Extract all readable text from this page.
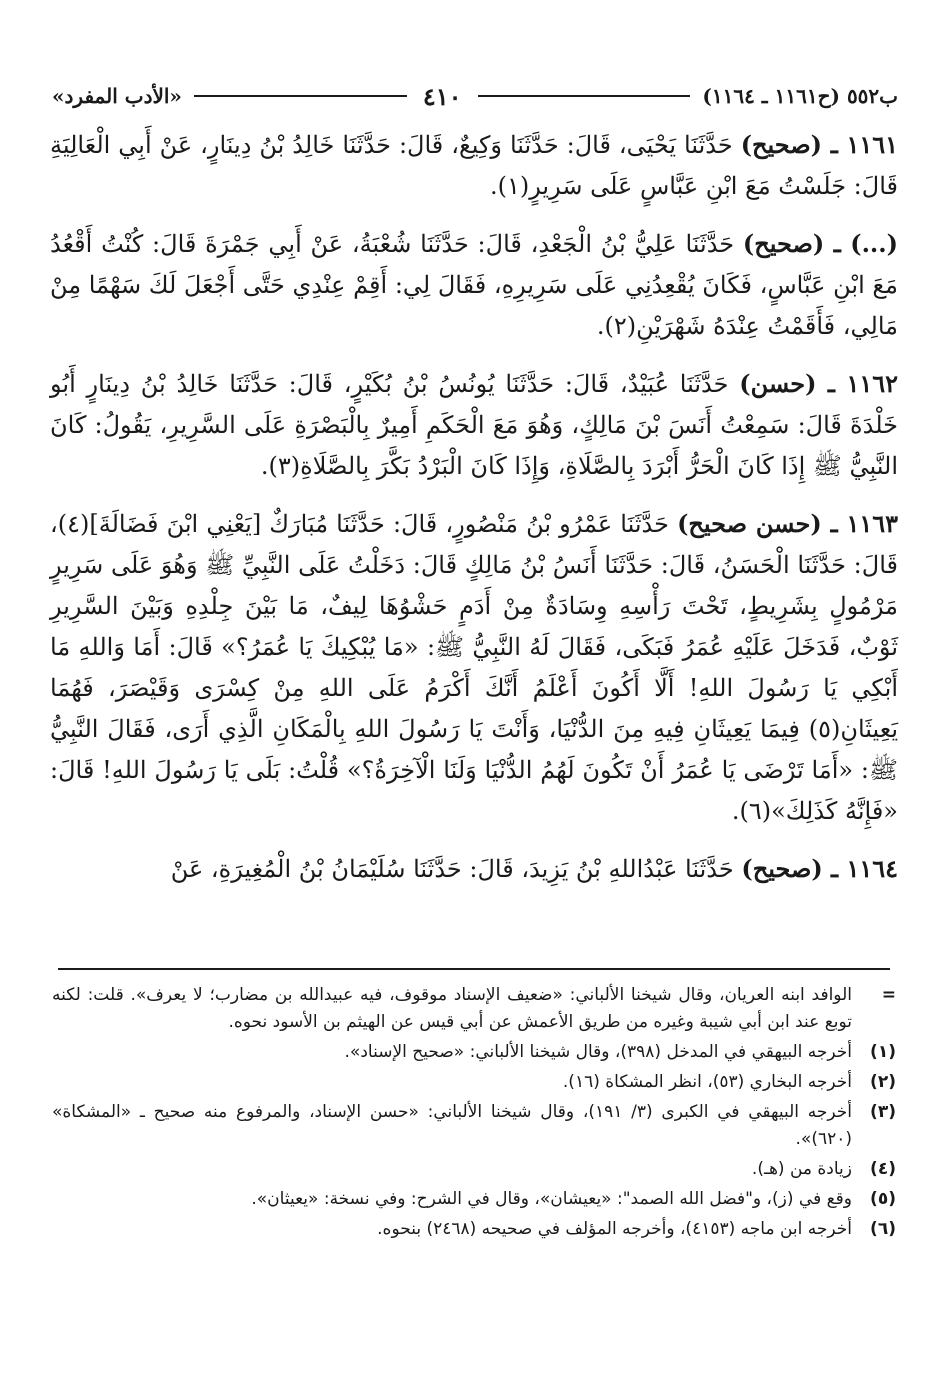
ب٥٥٢ (ح١١٦١ ـ ١١٦٤)
٤١٠
«الأدب المفرد»

١١٦١ ـ (صحيح) حَدَّثَنَا يَحْيَى، قَالَ: حَدَّثَنَا وَكِيعٌ، قَالَ: حَدَّثَنَا خَالِدُ بْنُ دِينَارٍ، عَنْ أَبِي الْعَالِيَةِ قَالَ: جَلَسْتُ مَعَ ابْنِ عَبَّاسٍ عَلَى سَرِيرٍ(١).

(...) ـ (صحيح) حَدَّثَنَا عَلِيُّ بْنُ الْجَعْدِ، قَالَ: حَدَّثَنَا شُعْبَةُ، عَنْ أَبِي جَمْرَةَ قَالَ: كُنْتُ أَقْعُدُ مَعَ ابْنِ عَبَّاسٍ، فَكَانَ يُقْعِدُنِي عَلَى سَرِيرِهِ، فَقَالَ لِي: أَقِمْ عِنْدِي حَتَّى أَجْعَلَ لَكَ سَهْمًا مِنْ مَالِي، فَأَقَمْتُ عِنْدَهُ شَهْرَيْنِ(٢).

١١٦٢ ـ (حسن) حَدَّثَنَا عُبَيْدٌ، قَالَ: حَدَّثَنَا يُونُسُ بْنُ بُكَيْرٍ، قَالَ: حَدَّثَنَا خَالِدُ بْنُ دِينَارٍ أَبُو خَلْدَةَ قَالَ: سَمِعْتُ أَنَسَ بْنَ مَالِكٍ، وَهُوَ مَعَ الْحَكَمِ أَمِيرٌ بِالْبَصْرَةِ عَلَى السَّرِيرِ، يَقُولُ: كَانَ النَّبِيُّ ﷺ إِذَا كَانَ الْحَرُّ أَبْرَدَ بِالصَّلَاةِ، وَإِذَا كَانَ الْبَرْدُ بَكَّرَ بِالصَّلَاةِ(٣).

١١٦٣ ـ (حسن صحيح) حَدَّثَنَا عَمْرُو بْنُ مَنْصُورٍ، قَالَ: حَدَّثَنَا مُبَارَكٌ [يَعْنِي ابْنَ فَضَالَةَ](٤)، قَالَ: حَدَّثَنَا الْحَسَنُ، قَالَ: حَدَّثَنَا أَنَسُ بْنُ مَالِكٍ قَالَ: دَخَلْتُ عَلَى النَّبِيِّ ﷺ وَهُوَ عَلَى سَرِيرٍ مَرْمُولٍ بِشَرِيطٍ، تَحْتَ رَأْسِهِ وِسَادَةٌ مِنْ أَدَمٍ حَشْوُهَا لِيفٌ، مَا بَيْنَ جِلْدِهِ وَبَيْنَ السَّرِيرِ ثَوْبٌ، فَدَخَلَ عَلَيْهِ عُمَرُ فَبَكَى، فَقَالَ لَهُ النَّبِيُّ ﷺ: «مَا يُبْكِيكَ يَا عُمَرُ؟» قَالَ: أَمَا وَاللهِ مَا أَبْكِي يَا رَسُولَ اللهِ! أَلَّا أَكُونَ أَعْلَمُ أَنَّكَ أَكْرَمُ عَلَى اللهِ مِنْ كِسْرَى وَقَيْصَرَ، فَهُمَا يَعِيثَانِ(٥) فِيمَا يَعِيثَانِ فِيهِ مِنَ الدُّنْيَا، وَأَنْتَ يَا رَسُولَ اللهِ بِالْمَكَانِ الَّذِي أَرَى، فَقَالَ النَّبِيُّ ﷺ: «أَمَا تَرْضَى يَا عُمَرُ أَنْ تَكُونَ لَهُمُ الدُّنْيَا وَلَنَا الْآخِرَةُ؟» قُلْتُ: بَلَى يَا رَسُولَ اللهِ! قَالَ: «فَإِنَّهُ كَذَلِكَ»(٦).

١١٦٤ ـ (صحيح) حَدَّثَنَا عَبْدُاللهِ بْنُ يَزِيدَ، قَالَ: حَدَّثَنَا سُلَيْمَانُ بْنُ الْمُغِيرَةِ، عَنْ

=
الوافد ابنه العريان، وقال شيخنا الألباني: «ضعيف الإسناد موقوف، فيه عبيدالله بن مضارب؛ لا يعرف». قلت: لكنه توبع عند ابن أبي شيبة وغيره من طريق الأعمش عن أبي قيس عن الهيثم بن الأسود نحوه.
(١)
أخرجه البيهقي في المدخل (٣٩٨)، وقال شيخنا الألباني: «صحيح الإسناد».
(٢)
أخرجه البخاري (٥٣)، انظر المشكاة (١٦).
(٣)
أخرجه البيهقي في الكبرى (٣/ ١٩١)، وقال شيخنا الألباني: «حسن الإسناد، والمرفوع منه صحيح ـ «المشكاة» (٦٢٠)».
(٤)
زيادة من (هـ).
(٥)
وقع في (ز)، و"فضل الله الصمد": «يعيشان»، وقال في الشرح: وفي نسخة: «يعيثان».
(٦)
أخرجه ابن ماجه (٤١٥٣)، وأخرجه المؤلف في صحيحه (٢٤٦٨) بنحوه.
